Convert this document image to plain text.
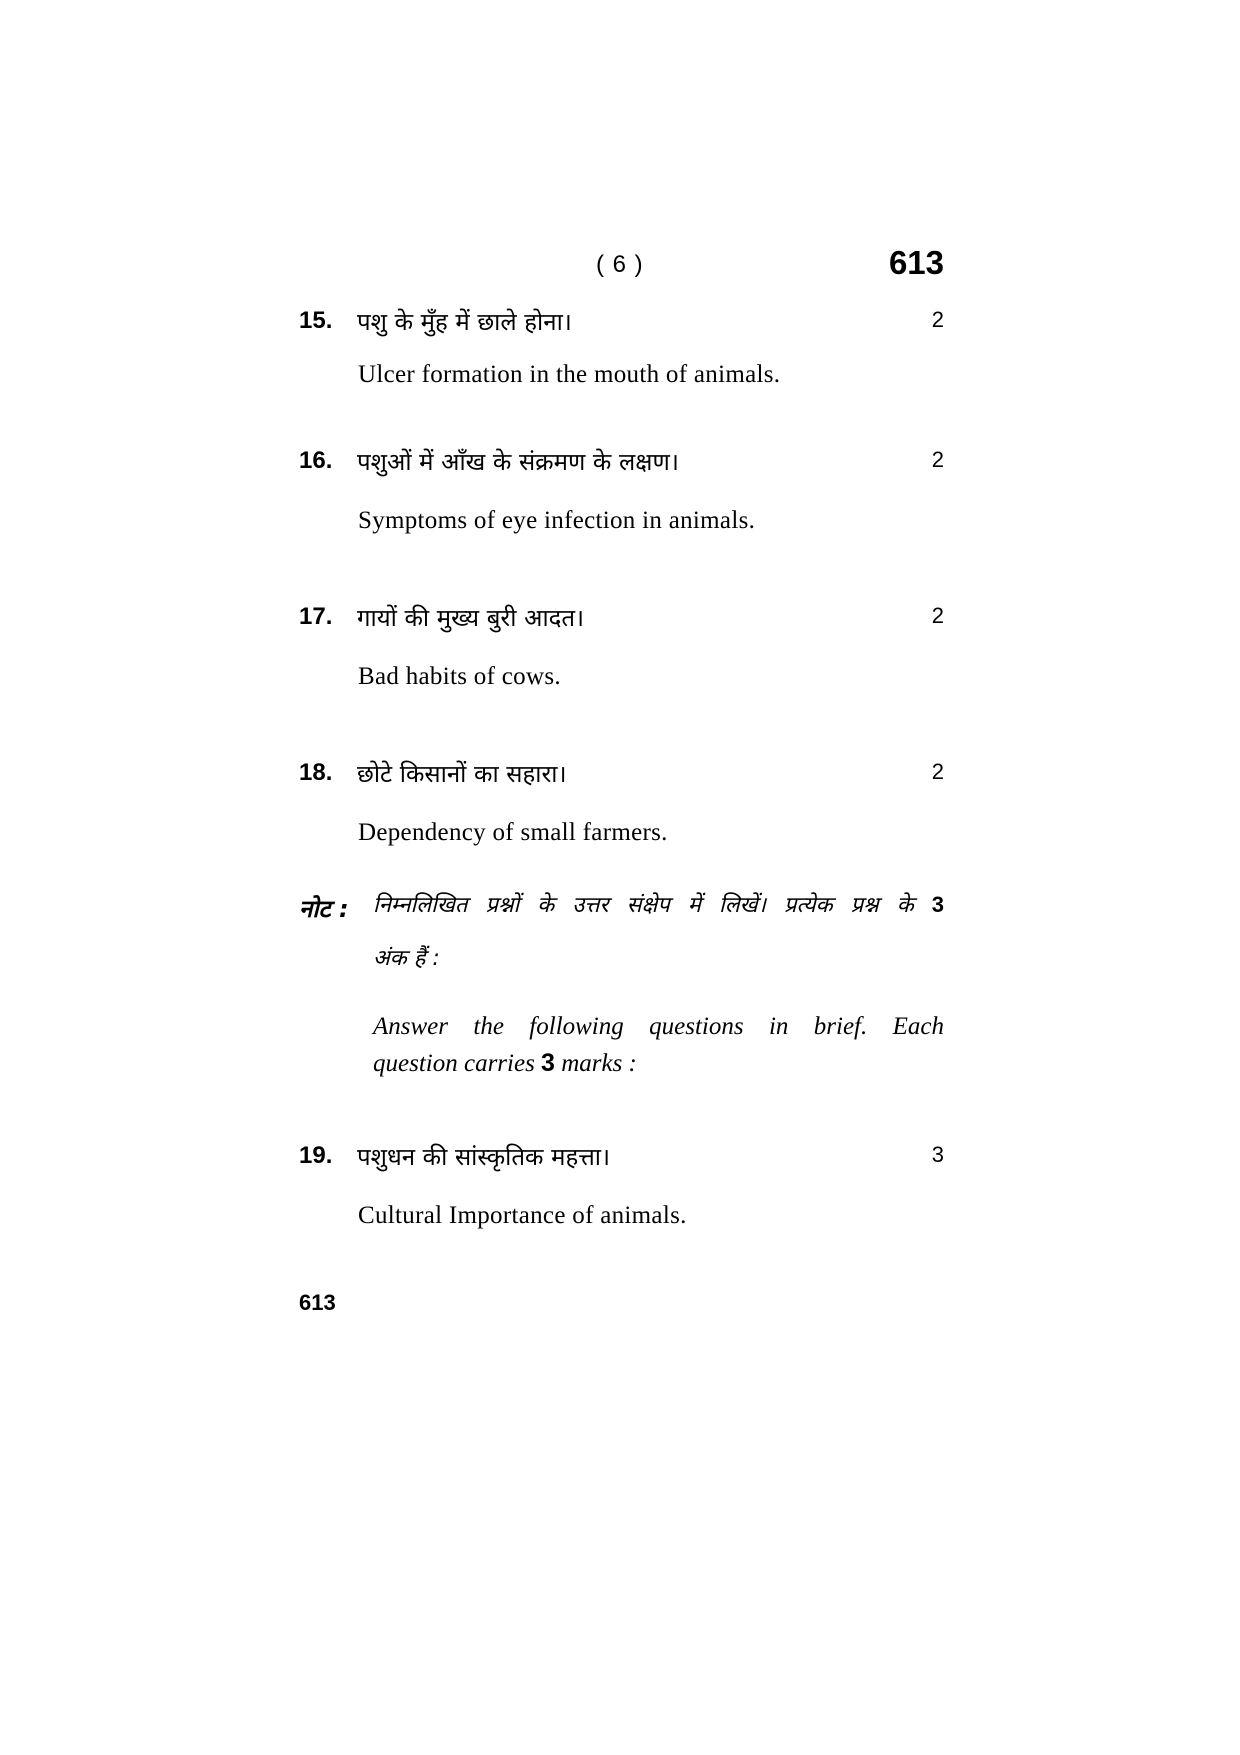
( 6 )	613
15. पशु के मुँह में छाले होना।	2
Ulcer formation in the mouth of animals.
16. पशुओं में आँख के संक्रमण के लक्षण।	2
Symptoms of eye infection in animals.
17. गायों की मुख्य बुरी आदत।	2
Bad habits of cows.
18. छोटे किसानों का सहारा।	2
Dependency of small farmers.
नोट : निम्नलिखित प्रश्नों के उत्तर संक्षेप में लिखें। प्रत्येक प्रश्न के 3
अंक हैं :
Answer the following questions in brief. Each
question carries 3 marks :
19. पशुधन की सांस्कृतिक महत्ता।	3
Cultural Importance of animals.
613
